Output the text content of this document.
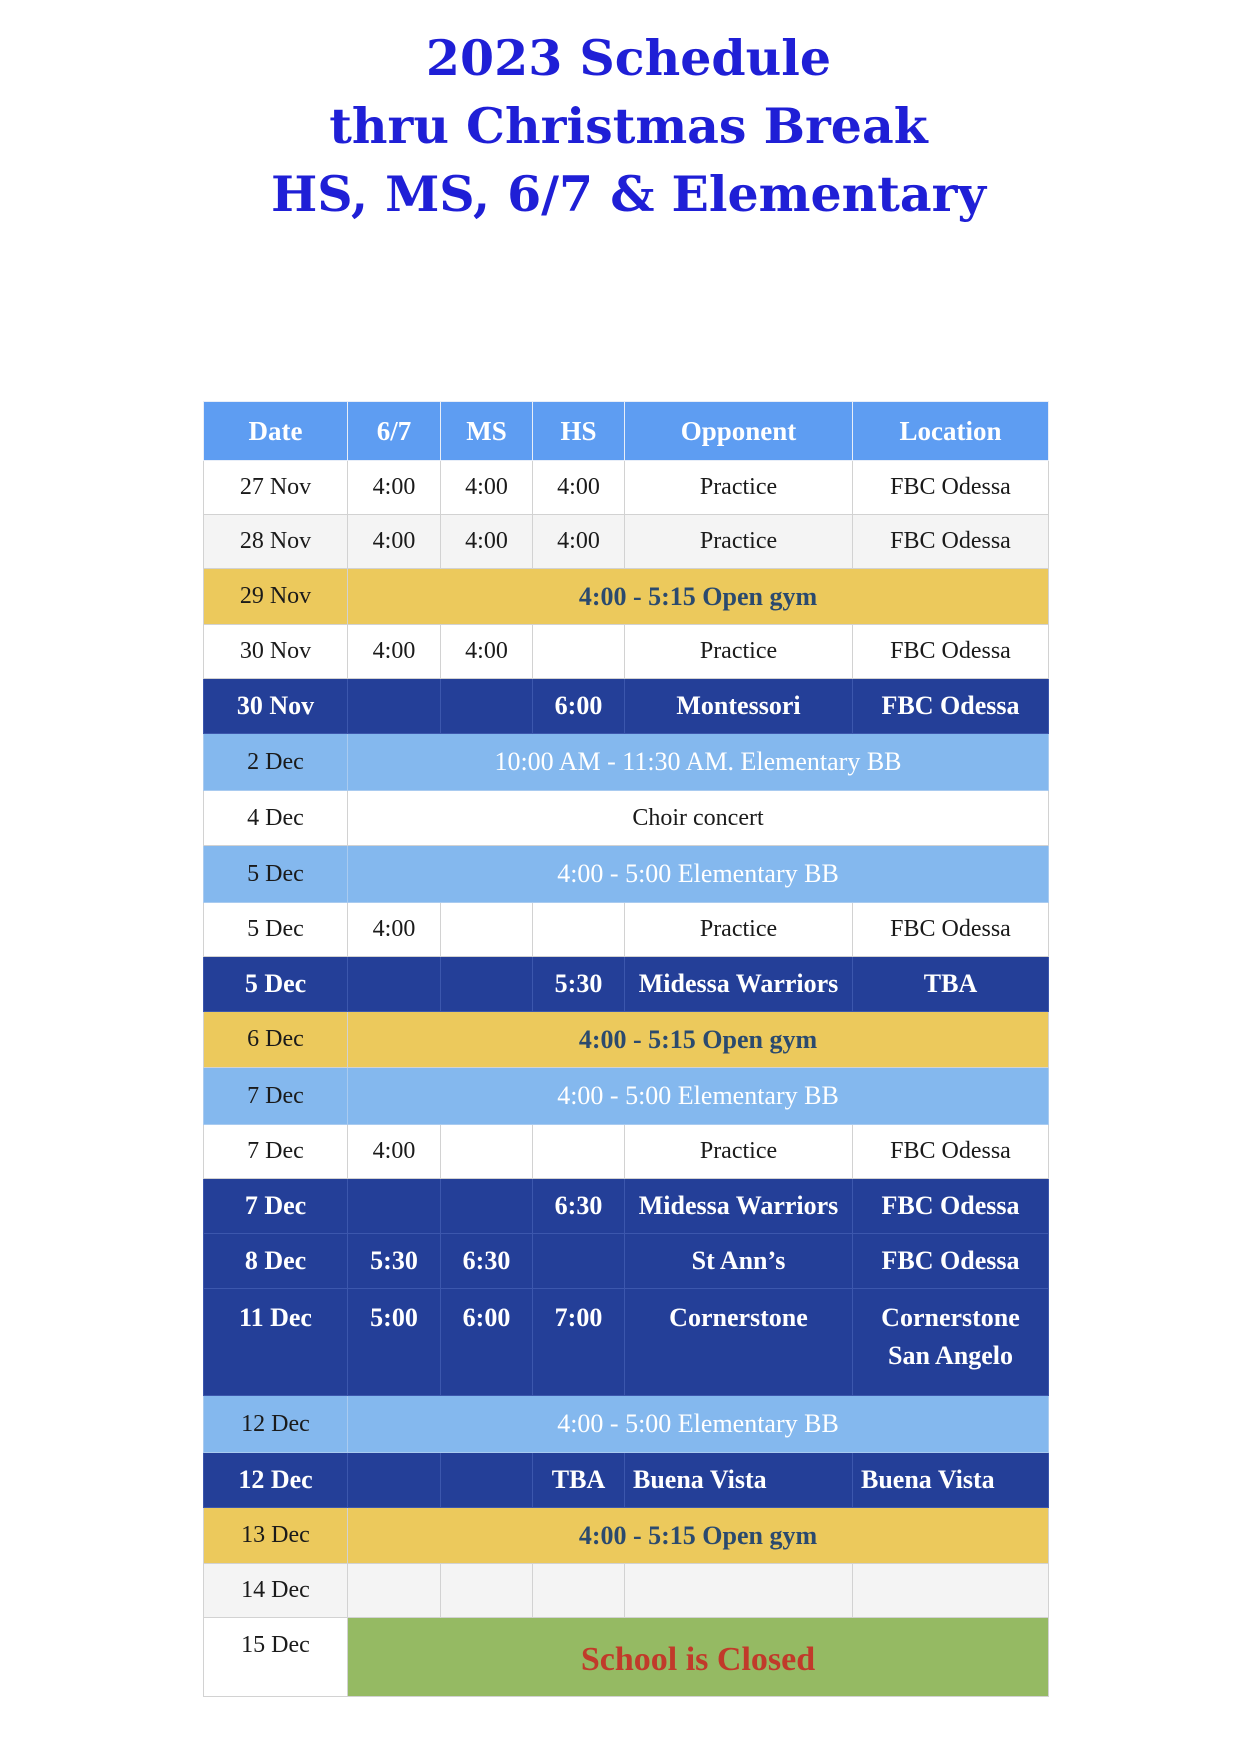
2023 Schedule
thru Christmas Break
HS, MS, 6/7 & Elementary
Date	6/7	MS	HS	Opponent	Location
27 Nov	4:00	4:00	4:00	Practice	FBC Odessa
28 Nov	4:00	4:00	4:00	Practice	FBC Odessa
29 Nov	4:00 - 5:15 Open gym				
30 Nov	4:00	4:00		Practice	FBC Odessa
30 Nov			6:00	Montessori	FBC Odessa
2 Dec	10:00 AM - 11:30 AM. Elementary BB				
4 Dec	Choir concert				
5 Dec	4:00 - 5:00 Elementary BB				
5 Dec	4:00			Practice	FBC Odessa
5 Dec			5:30	Midessa Warriors	TBA
6 Dec	4:00 - 5:15 Open gym				
7 Dec	4:00 - 5:00 Elementary BB				
7 Dec	4:00			Practice	FBC Odessa
7 Dec			6:30	Midessa Warriors	FBC Odessa
8 Dec	5:30	6:30		St Ann’s	FBC Odessa
11 Dec	5:00	6:00	7:00	Cornerstone	Cornerstone
San Angelo

12 Dec	4:00 - 5:00 Elementary BB				
12 Dec			TBA	Buena Vista	Buena Vista
13 Dec	4:00 - 5:15 Open gym				
14 Dec					
15 Dec	School is Closed				
